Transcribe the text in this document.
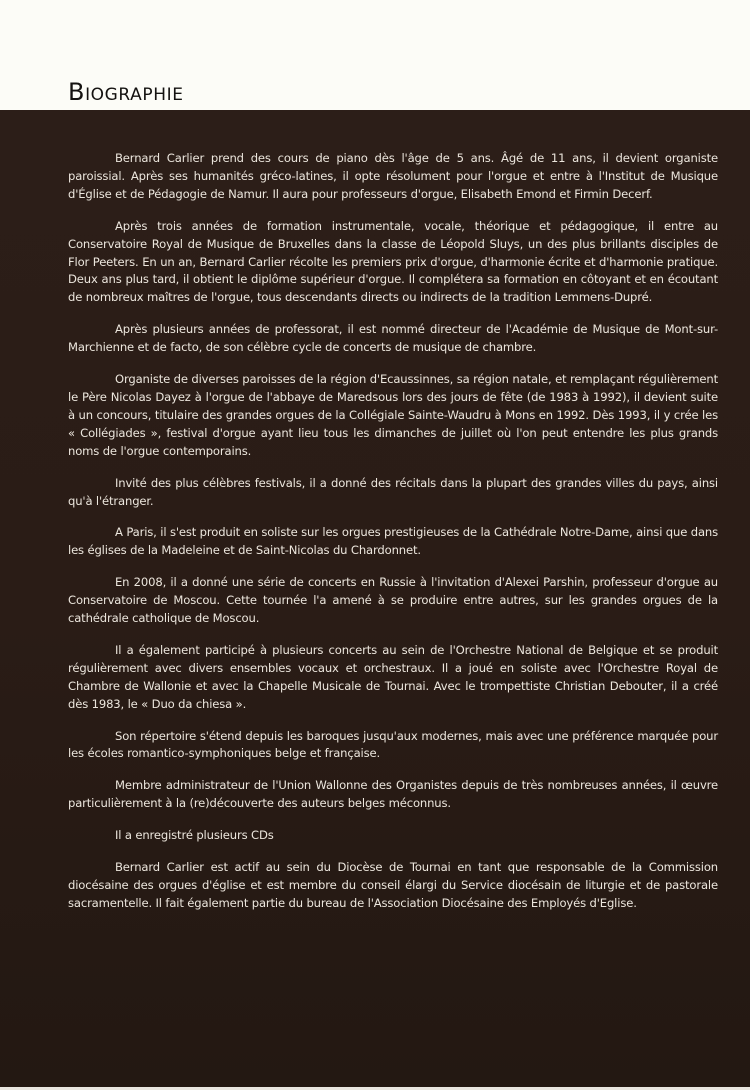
Biographie

Bernard Carlier prend des cours de piano dès l'âge de 5 ans. Âgé de 11 ans, il devient organiste paroissial. Après ses humanités gréco-latines, il opte résolument pour l'orgue et entre à l'Institut de Musique d'Église et de Pédagogie de Namur. Il aura pour professeurs d'orgue, Elisabeth Emond et Firmin Decerf.

Après trois années de formation instrumentale, vocale, théorique et pédagogique, il entre au Conservatoire Royal de Musique de Bruxelles dans la classe de Léopold Sluys, un des plus brillants disciples de Flor Peeters. En un an, Bernard Carlier récolte les premiers prix d'orgue, d'harmonie écrite et d'harmonie pratique. Deux ans plus tard, il obtient le diplôme supérieur d'orgue. Il complétera sa formation en côtoyant et en écoutant de nombreux maîtres de l'orgue, tous descendants directs ou indirects de la tradition Lemmens-Dupré.

Après plusieurs années de professorat, il est nommé directeur de l'Académie de Musique de Mont-sur-Marchienne et de facto, de son célèbre cycle de concerts de musique de chambre.

Organiste de diverses paroisses de la région d'Ecaussinnes, sa région natale, et remplaçant régulièrement le Père Nicolas Dayez à l'orgue de l'abbaye de Maredsous lors des jours de fête (de 1983 à 1992), il devient suite à un concours, titulaire des grandes orgues de la Collégiale Sainte-Waudru à Mons en 1992. Dès 1993, il y crée les « Collégiades », festival d'orgue ayant lieu tous les dimanches de juillet où l'on peut entendre les plus grands noms de l'orgue contemporains.

Invité des plus célèbres festivals, il a donné des récitals dans la plupart des grandes villes du pays, ainsi qu'à l'étranger.

A Paris, il s'est produit en soliste sur les orgues prestigieuses de la Cathédrale Notre-Dame, ainsi que dans les églises de la Madeleine et de Saint-Nicolas du Chardonnet.

En 2008, il a donné une série de concerts en Russie à l'invitation d'Alexei Parshin, professeur d'orgue au Conservatoire de Moscou. Cette tournée l'a amené à se produire entre autres, sur les grandes orgues de la cathédrale catholique de Moscou.

Il a également participé à plusieurs concerts au sein de l'Orchestre National de Belgique et se produit régulièrement avec divers ensembles vocaux et orchestraux. Il a joué en soliste avec l'Orchestre Royal de Chambre de Wallonie et avec la Chapelle Musicale de Tournai. Avec le trompettiste Christian Debouter, il a créé dès 1983, le « Duo da chiesa ».

Son répertoire s'étend depuis les baroques jusqu'aux modernes, mais avec une préférence marquée pour les écoles romantico-symphoniques belge et française.

Membre administrateur de l'Union Wallonne des Organistes depuis de très nombreuses années, il œuvre particulièrement à la (re)découverte des auteurs belges méconnus.

Il a enregistré plusieurs CDs

Bernard Carlier est actif au sein du Diocèse de Tournai en tant que responsable de la Commission diocésaine des orgues d'église et est membre du conseil élargi du Service diocésain de liturgie et de pastorale sacramentelle. Il fait également partie du bureau de l'Association Diocésaine des Employés d'Eglise.
